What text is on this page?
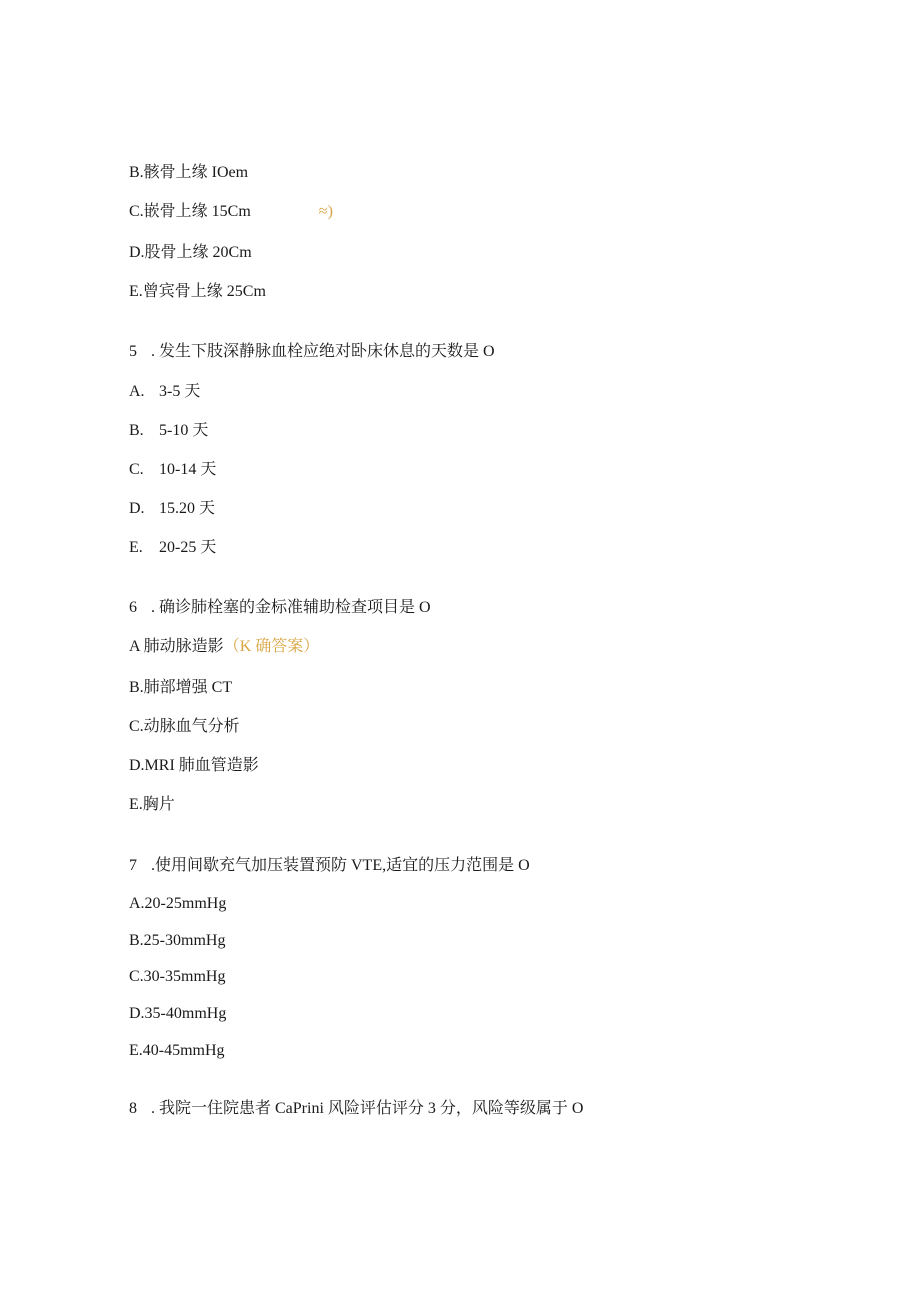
B.骸骨上缘 IOem
C.嵌骨上缘 15Cm	≈)
D.股骨上缘 20Cm
E.曾宾骨上缘 25Cm
5 . 发生下肢深静脉血栓应绝对卧床休息的天数是 O
A. 3-5 天
B. 5-10 天
C. 10-14 天
D. 15.20 天
E. 20-25 天
6 . 确诊肺栓塞的金标准辅助检查项目是 O
A 肺动脉造影（K 确答案）
B.肺部增强 CT
C.动脉血气分析
D.MRI 肺血管造影
E.胸片
7 .使用间歇充气加压装置预防 VTE,适宜的压力范围是 O
A.20-25mmHg
B.25-30mmHg
C.30-35mmHg
D.35-40mmHg
E.40-45mmHg
8 . 我院一住院患者 CaPrini 风险评估评分 3 分，风险等级属于 O
